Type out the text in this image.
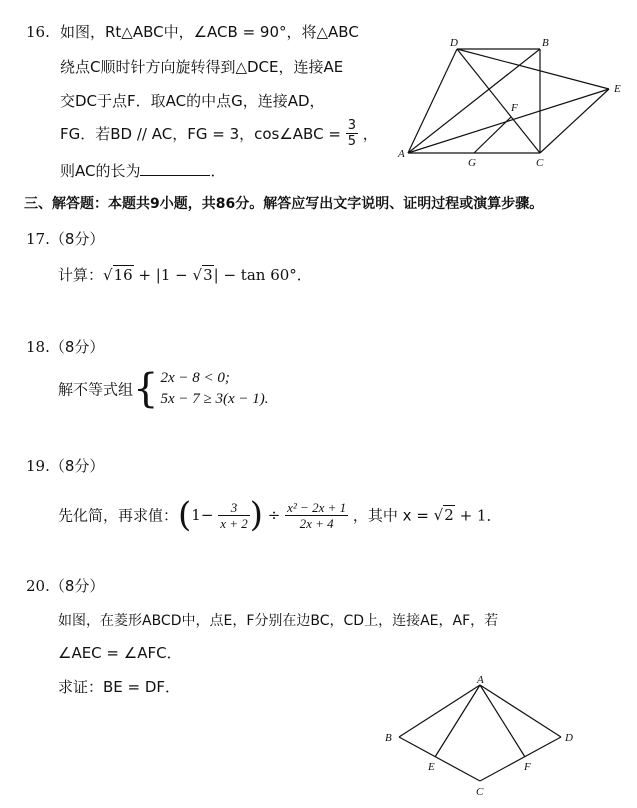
16. 如图，Rt△ABC中，∠ACB = 90°，将△ABC
绕点C顺时针方向旋转得到△DCE，连接AE
交DC于点F．取AC的中点G，连接AD，
FG．若BD // AC，FG = 3，cos∠ABC = $\frac{3}{5}$ ，
则AC的长为	．
D	B
E
F
A
G	C
三、解答题：本题共9小题，共86分。解答应写出文字说明、证明过程或演算步骤。
17.（8分）
计算：√16 + |1 − √3| − tan 60°．
18.（8分）
解不等式组{ 2x − 8 < 0;
5x − 7 ≥ 3(x − 1).
19.（8分）
先化简，再求值：($1- \frac{3}{x + 2}$ ) ÷ $\frac{\text{x² − 2x + 1}}{2x + 4}$ ，其中 x = √2 + 1．
20.（8分）
如图，在菱形ABCD中，点E，F分别在边BC，CD上，连接AE，AF，若
∠AEC = ∠AFC．
求证：BE = DF．	A
B	D
E	F
C
